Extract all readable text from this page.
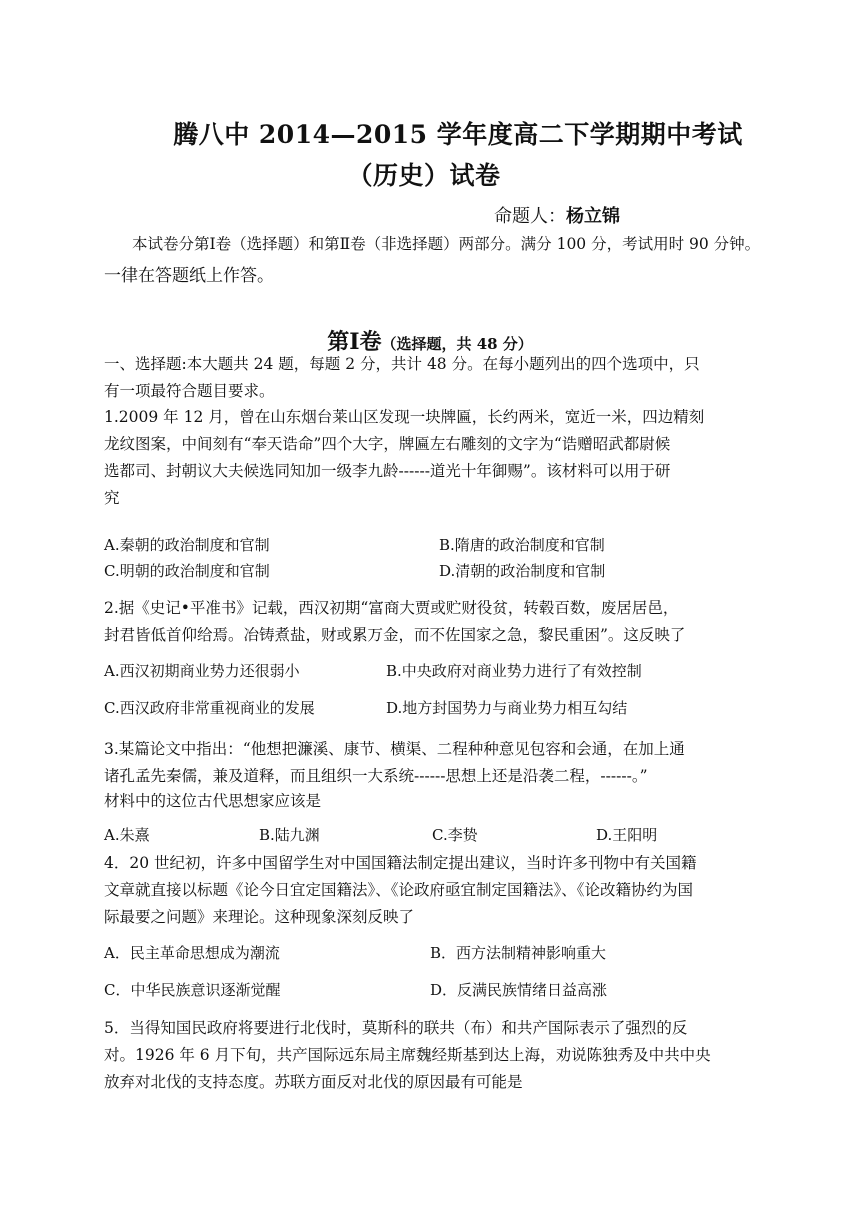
腾八中 2014—2015 学年度高二下学期期中考试
（历史）试卷
命题人：杨立锦
本试卷分第Ⅰ卷（选择题）和第Ⅱ卷（非选择题）两部分。满分 100 分，考试用时 90 分钟。一律在答题纸上作答。
第Ⅰ卷（选择题，共 48 分）
一、选择题:本大题共 24 题，每题 2 分，共计 48 分。在每小题列出的四个选项中，只
有一项最符合题目要求。
1.2009 年 12 月，曾在山东烟台莱山区发现一块牌匾，长约两米，宽近一米，四边精刻
龙纹图案，中间刻有“奉天诰命”四个大字，牌匾左右雕刻的文字为“诰赠昭武都尉候
选都司、封朝议大夫候选同知加一级李九龄------道光十年御赐”。该材料可以用于研
究
A.秦朝的政治制度和官制	B.隋唐的政治制度和官制
C.明朝的政治制度和官制	D.清朝的政治制度和官制
2.据《史记•平准书》记载，西汉初期“富商大贾或贮财役贫，转毂百数，废居居邑，
封君皆低首仰给焉。冶铸煮盐，财或累万金，而不佐国家之急，黎民重困”。这反映了
A.西汉初期商业势力还很弱小	B.中央政府对商业势力进行了有效控制
C.西汉政府非常重视商业的发展	D.地方封国势力与商业势力相互勾结
3.某篇论文中指出：“他想把濂溪、康节、横渠、二程种种意见包容和会通，在加上通
诸孔孟先秦儒，兼及道释，而且组织一大系统------思想上还是沿袭二程，------。”
材料中的这位古代思想家应该是
A.朱熹	B.陆九渊	C.李贽	D.王阳明
4．20 世纪初，许多中国留学生对中国国籍法制定提出建议，当时许多刊物中有关国籍
文章就直接以标题《论今日宜定国籍法》、《论政府亟宜制定国籍法》、《论改籍协约为国
际最要之问题》来理论。这种现象深刻反映了
A．民主革命思想成为潮流	B．西方法制精神影响重大
C．中华民族意识逐渐觉醒	D．反满民族情绪日益高涨
5．当得知国民政府将要进行北伐时，莫斯科的联共（布）和共产国际表示了强烈的反
对。1926 年 6 月下旬，共产国际远东局主席魏经斯基到达上海，劝说陈独秀及中共中央
放弃对北伐的支持态度。苏联方面反对北伐的原因最有可能是
